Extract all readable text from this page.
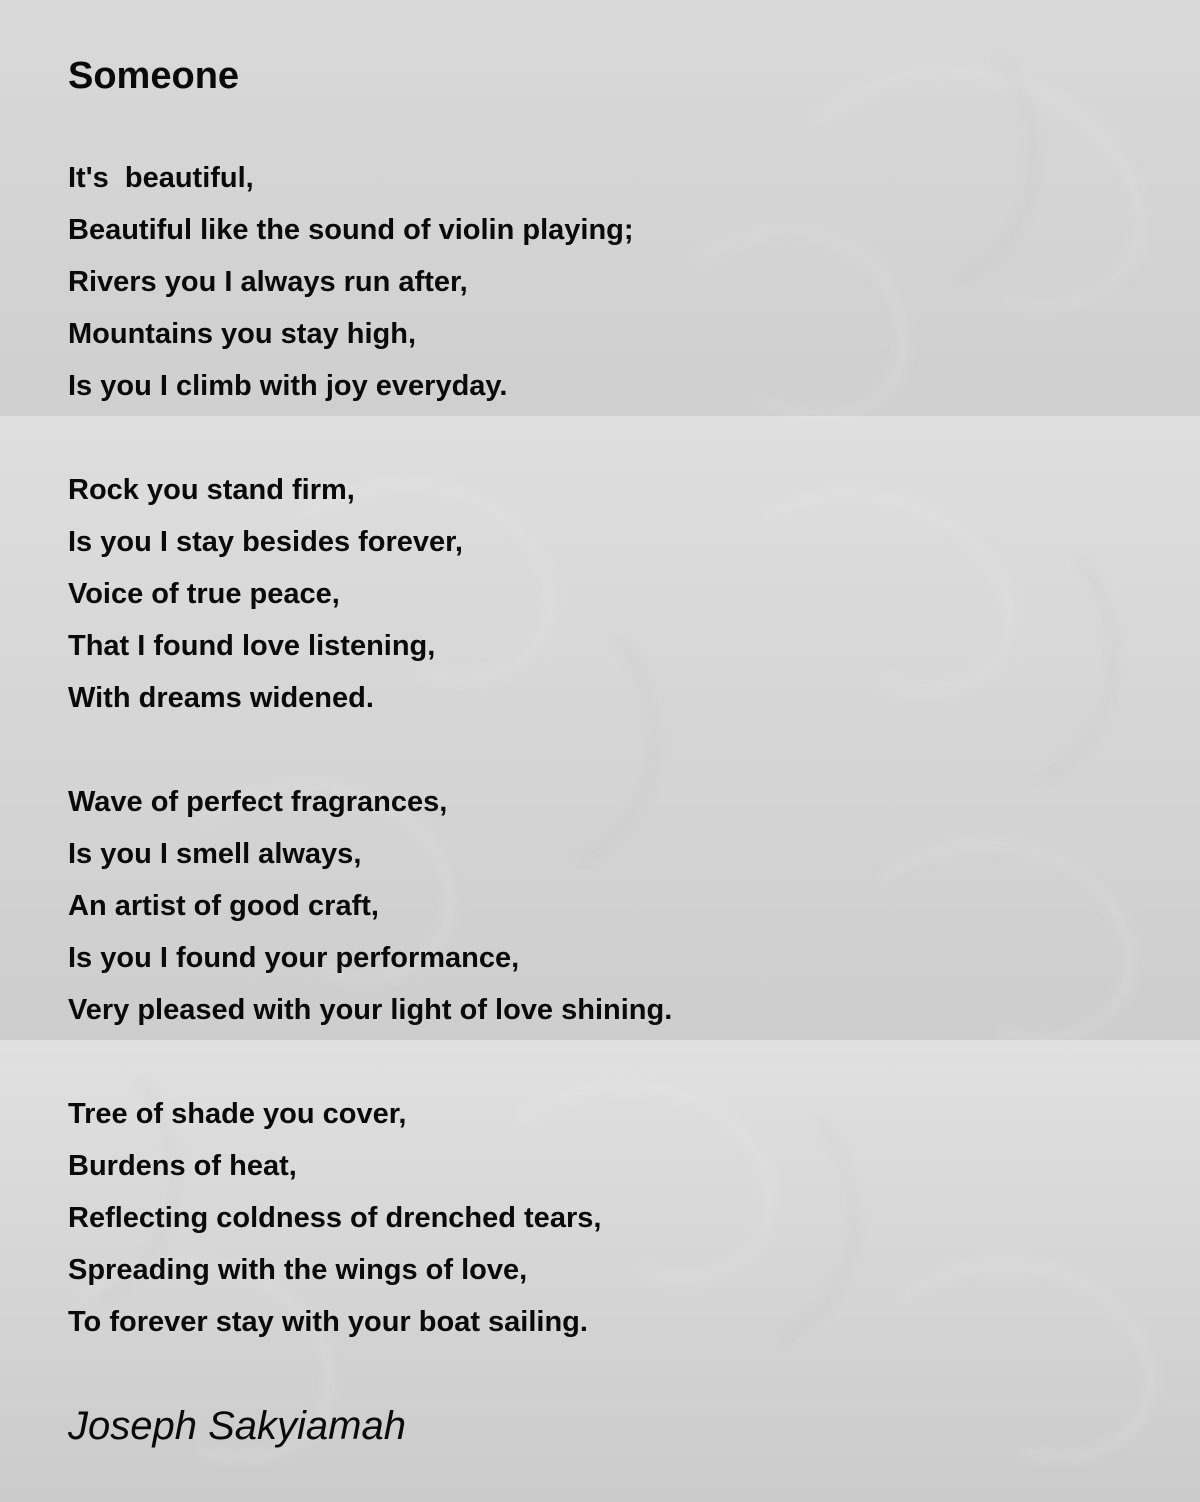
Someone
It's  beautiful,
Beautiful like the sound of violin playing;
Rivers you I always run after,
Mountains you stay high,
Is you I climb with joy everyday.
Rock you stand firm,
Is you I stay besides forever,
Voice of true peace,
That I found love listening,
With dreams widened.
Wave of perfect fragrances,
Is you I smell always,
An artist of good craft,
Is you I found your performance,
Very pleased with your light of love shining.
Tree of shade you cover,
Burdens of heat,
Reflecting coldness of drenched tears,
Spreading with the wings of love,
To forever stay with your boat sailing.
Joseph Sakyiamah
